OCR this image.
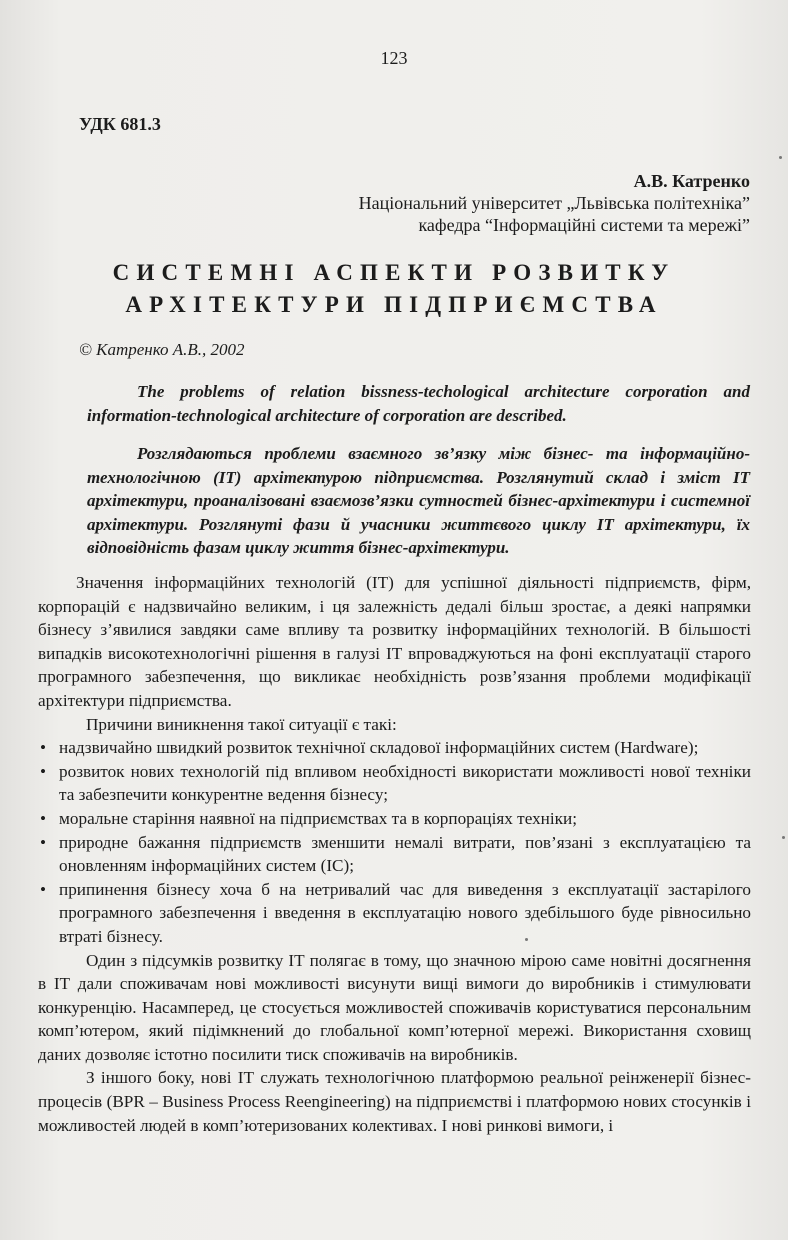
123
УДК 681.3
А.В. Катренко
Національний університет „Львівська політехніка”
кафедра “Інформаційні системи та мережі”
СИСТЕМНІ АСПЕКТИ РОЗВИТКУ
АРХІТЕКТУРИ ПІДПРИЄМСТВА
© Катренко А.В., 2002

The problems of relation bissness-techological architecture corporation and information-technological architecture of corporation are described.

Розглядаються проблеми взаємного зв’язку між бізнес- та інформаційно-технологічною (ІТ) архітектурою підприємства. Розглянутий склад і зміст ІТ архітектури, проаналізовані взаємозв’язки сутностей бізнес-архітектури і системної архітектури. Розглянуті фази й учасники життєвого циклу ІТ архітектури, їх відповідність фазам циклу життя бізнес-архітектури.

Значення інформаційних технологій (ІТ) для успішної діяльності підприємств, фірм, корпорацій є надзвичайно великим, і ця залежність дедалі більш зростає, а деякі напрямки бізнесу з’явилися завдяки саме впливу та розвитку інформаційних технологій. В більшості випадків високотехнологічні рішення в галузі ІТ впроваджуються на фоні експлуатації старого програмного забезпечення, що викликає необхідність розв’язання проблеми модифікації архітектури підприємства.

Причини виникнення такої ситуації є такі:

• надзвичайно швидкий розвиток технічної складової інформаційних систем (Hardware);
• розвиток нових технологій під впливом необхідності використати можливості нової техніки та забезпечити конкурентне ведення бізнесу;
• моральне старіння наявної на підприємствах та в корпораціях техніки;
• природне бажання підприємств зменшити немалі витрати, пов’язані з експлуатацією та оновленням інформаційних систем (ІС);
• припинення бізнесу хоча б на нетривалий час для виведення з експлуатації застарілого програмного забезпечення і введення в експлуатацію нового здебільшого буде рівносильно втраті бізнесу.

Один з підсумків розвитку ІТ полягає в тому, що значною мірою саме новітні досягнення в ІТ дали споживачам нові можливості висунути вищі вимоги до виробників і стимулювати конкуренцію. Насамперед, це стосується можливостей споживачів користуватися персональним комп’ютером, який підімкнений до глобальної комп’ютерної мережі. Використання сховищ даних дозволяє істотно посилити тиск споживачів на виробників.

З іншого боку, нові ІТ служать технологічною платформою реальної реінженерії бізнес-процесів (BPR – Business Process Reengineering) на підприємстві і платформою нових стосунків і можливостей людей в комп’ютеризованих колективах. І нові ринкові вимоги, і
